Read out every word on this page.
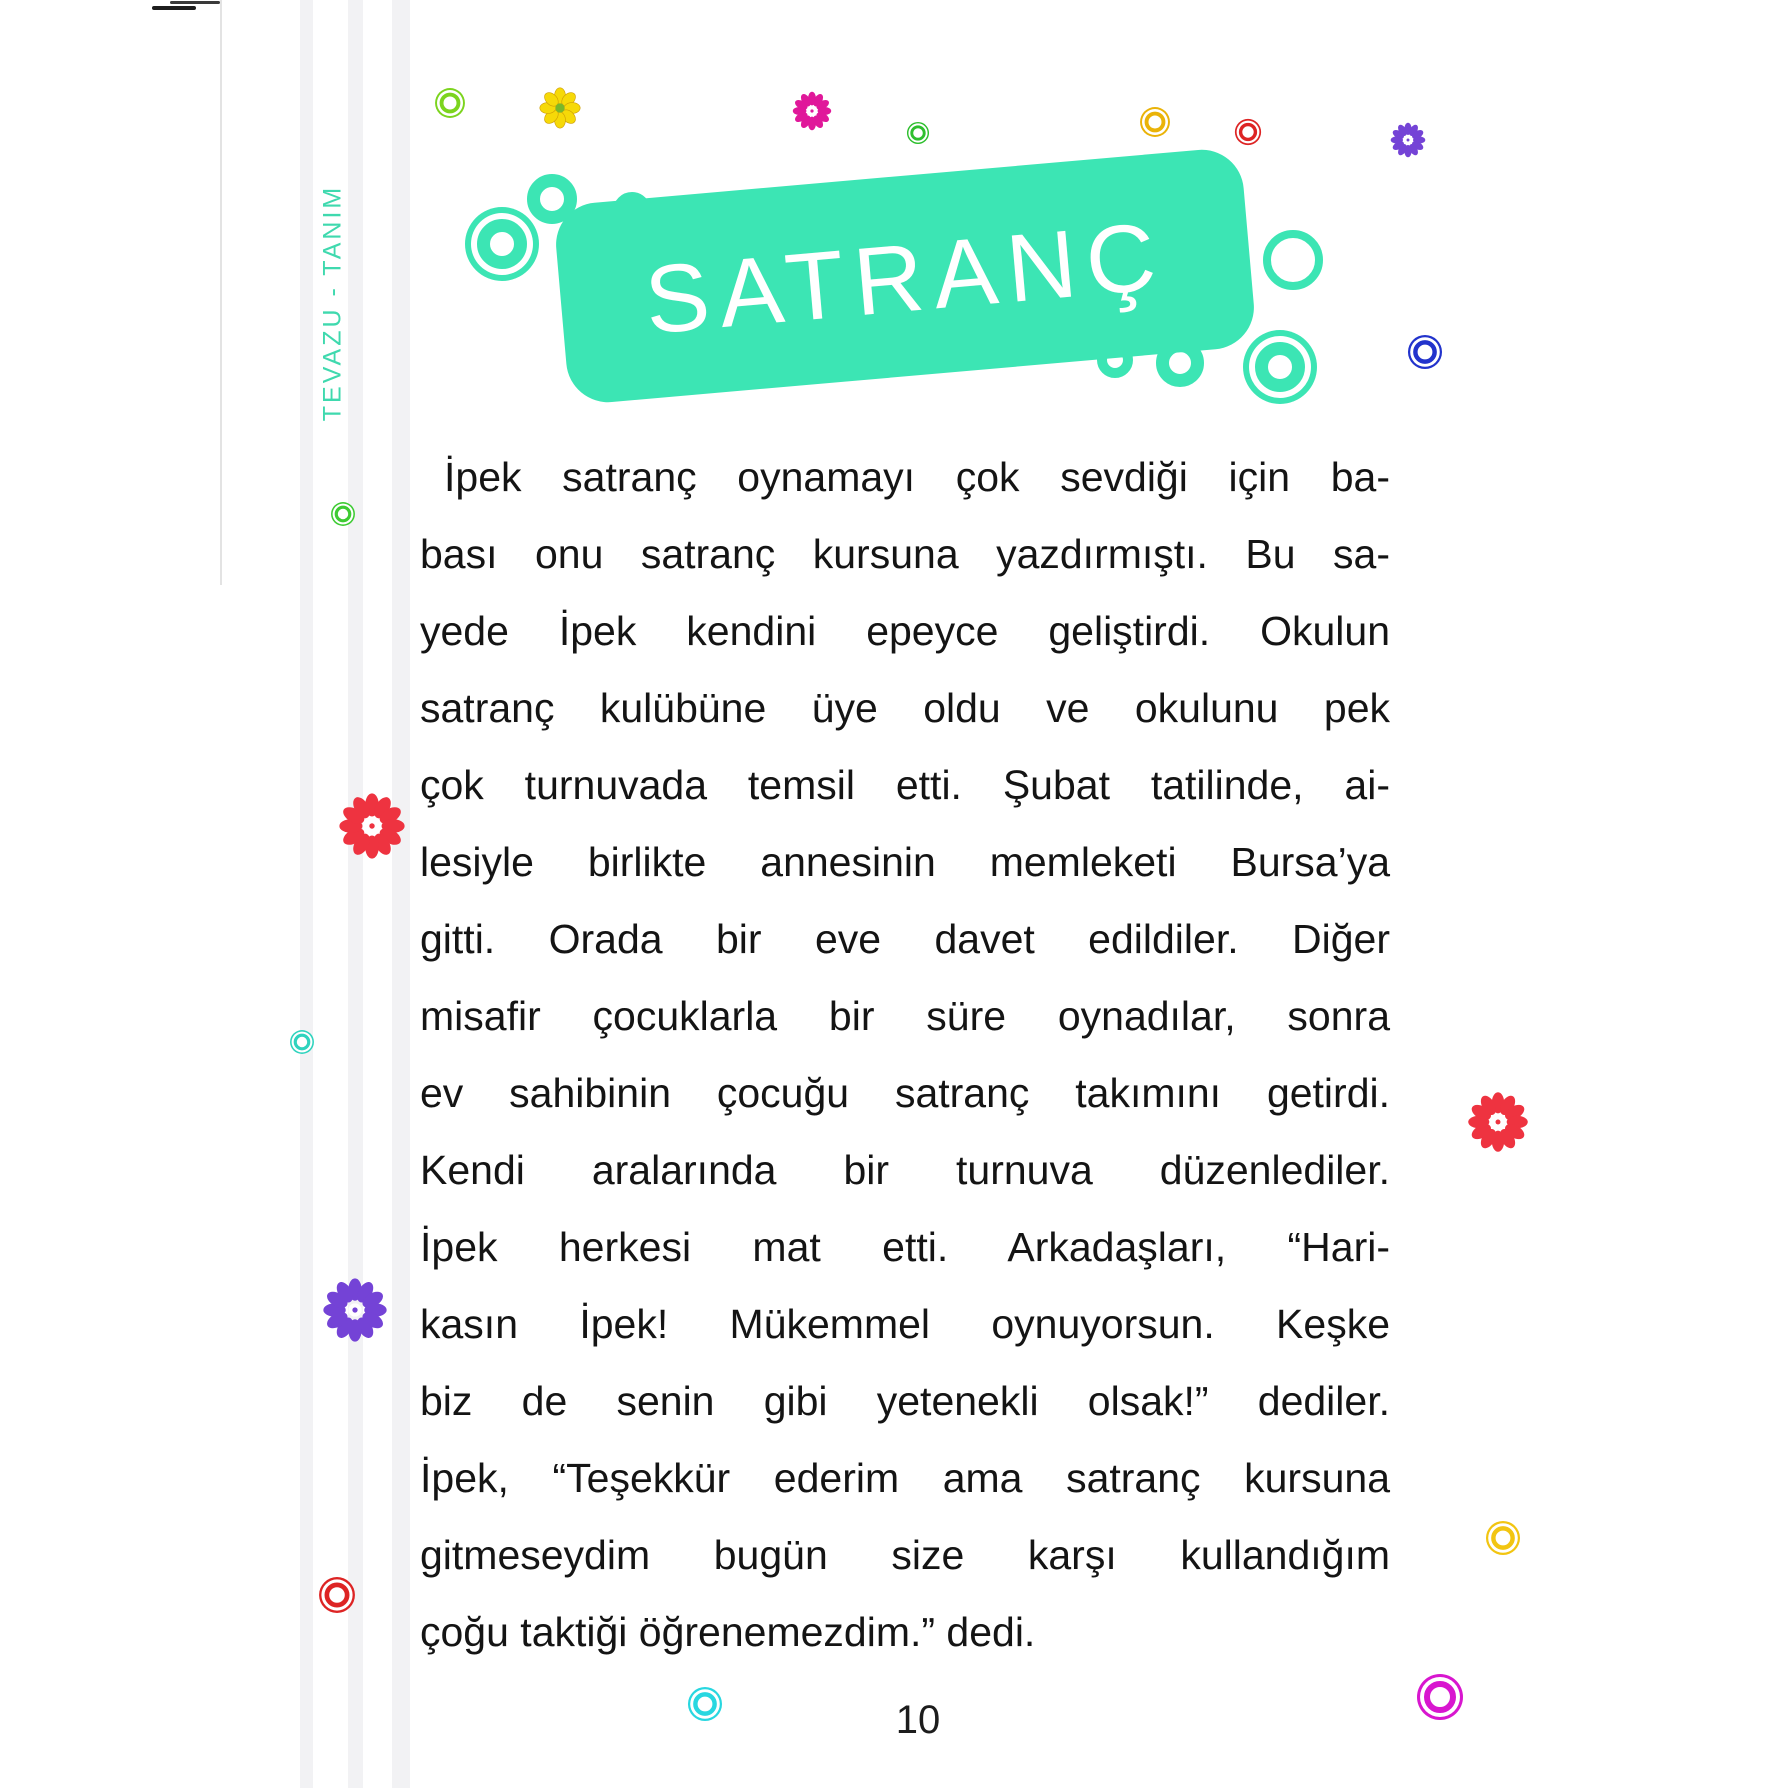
TEVAZU - TANIM	SATRANÇ
İpek satranç oynamayı çok sevdiği için ba-
bası onu satranç kursuna yazdırmıştı. Bu sa-
yede İpek kendini epeyce geliştirdi. Okulun
satranç kulübüne üye oldu ve okulunu pek
çok turnuvada temsil etti. Şubat tatilinde, ai-
lesiyle birlikte annesinin memleketi Bursa’ya
gitti. Orada bir eve davet edildiler. Diğer
misafir çocuklarla bir süre oynadılar, sonra
ev sahibinin çocuğu satranç takımını getirdi.
Kendi aralarında bir turnuva düzenlediler.
İpek herkesi mat etti. Arkadaşları, “Hari-
kasın İpek! Mükemmel oynuyorsun. Keşke
biz de senin gibi yetenekli olsak!” dediler.
İpek, “Teşekkür ederim ama satranç kursuna
gitmeseydim bugün size karşı kullandığım
çoğu taktiği öğrenemezdim.” dedi.
10
